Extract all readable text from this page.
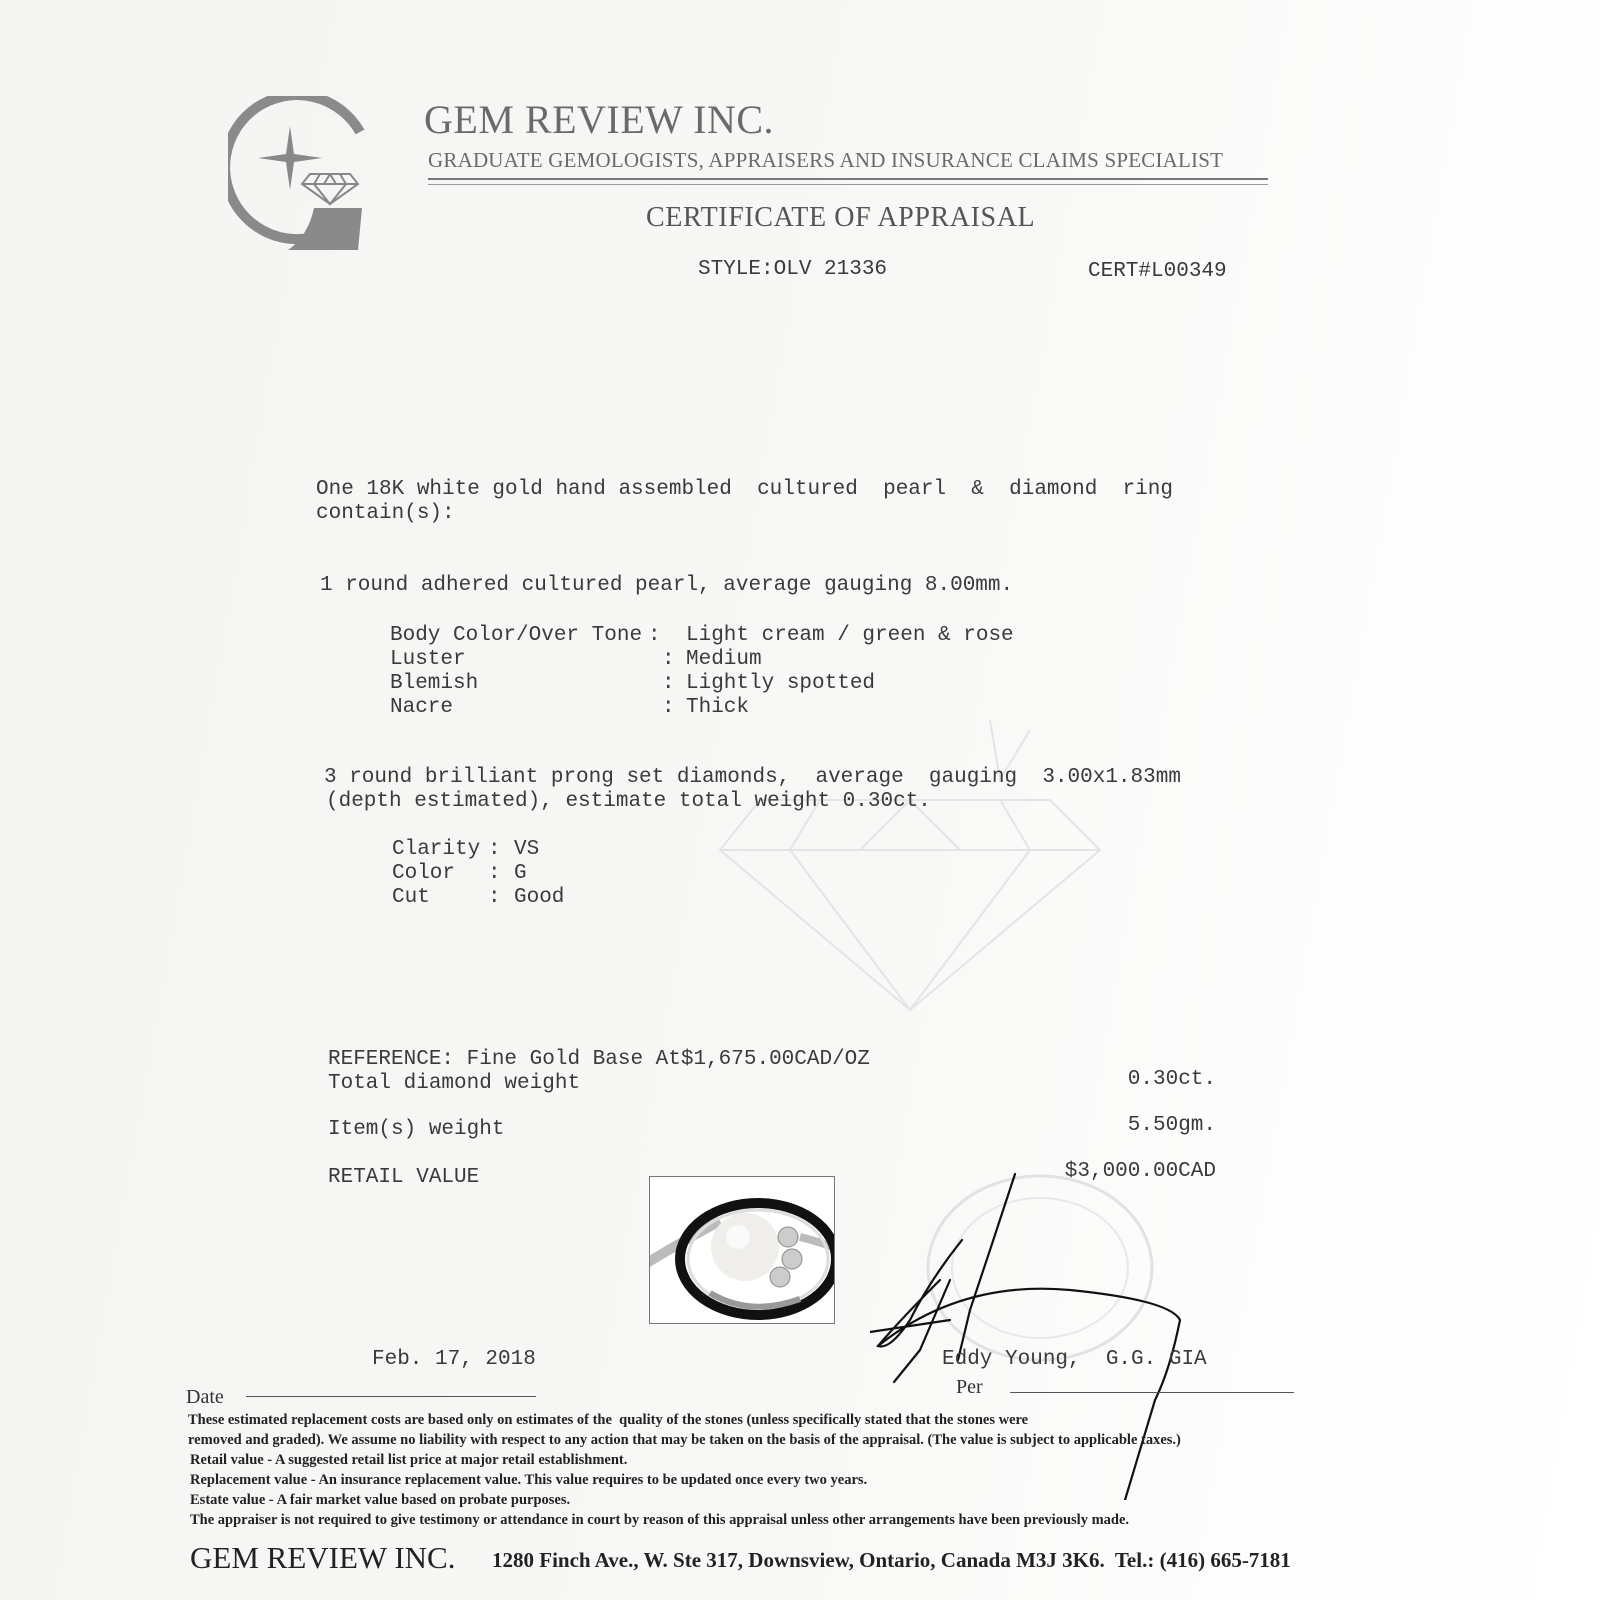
GEM REVIEW INC.
GRADUATE GEMOLOGISTS, APPRAISERS AND INSURANCE CLAIMS SPECIALIST
CERTIFICATE OF APPRAISAL
STYLE:OLV 21336	CERT#L00349
One 18K white gold hand assembled  cultured  pearl  &  diamond  ring
contain(s):
1 round adhered cultured pearl, average gauging 8.00mm.
Body Color/Over Tone : Light cream / green & rose
Luster	: Medium
Blemish	: Lightly spotted
Nacre	: Thick
3 round brilliant prong set diamonds,  average  gauging  3.00x1.83mm
(depth estimated), estimate total weight 0.30ct.
Clarity : VS
Color : G
Cut	: Good
REFERENCE: Fine Gold Base At$1,675.00CAD/OZ
Total diamond weight	0.30ct.
Item(s) weight	5.50gm.
RETAIL VALUE	$3,000.00CAD
Feb. 17, 2018
Date
Eddy Young,  G.G. GIA
Per
These estimated replacement costs are based only on estimates of the  quality of the stones (unless specifically stated that the stones were
removed and graded). We assume no liability with respect to any action that may be taken on the basis of the appraisal. (The value is subject to applicable taxes.)
Retail value - A suggested retail list price at major retail establishment.
Replacement value - An insurance replacement value. This value requires to be updated once every two years.
Estate value - A fair market value based on probate purposes.
The appraiser is not required to give testimony or attendance in court by reason of this appraisal unless other arrangements have been previously made.
GEM REVIEW INC. 1280 Finch Ave., W. Ste 317, Downsview, Ontario, Canada M3J 3K6.  Tel.: (416) 665-7181
